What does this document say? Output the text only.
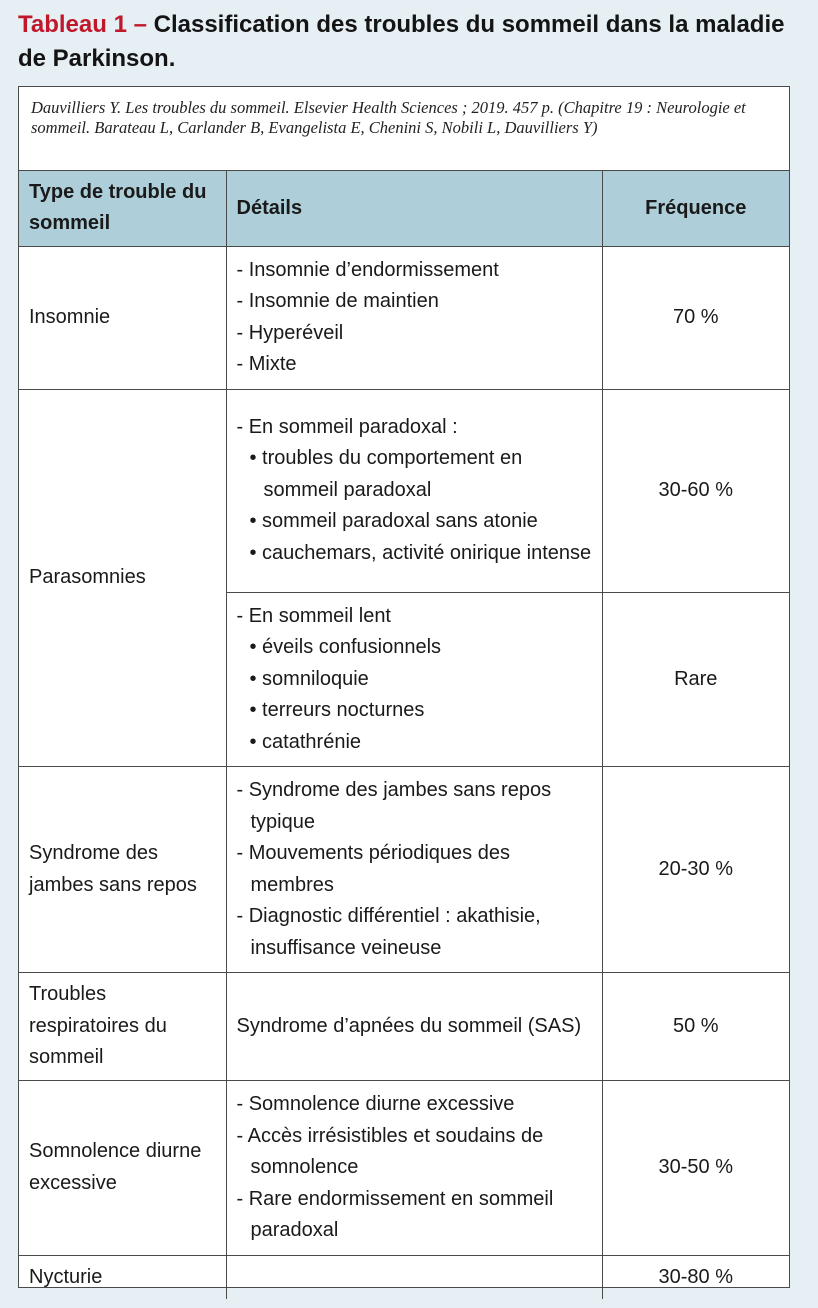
Tableau 1 – Classification des troubles du sommeil dans la maladie de Parkinson.
Dauvilliers Y. Les troubles du sommeil. Elsevier Health Sciences ; 2019. 457 p. (Chapitre 19 : Neurologie et sommeil. Barateau L, Carlander B, Evangelista E, Chenini S, Nobili L, Dauvilliers Y)
Type de trouble du sommeil	Détails	Fréquence
Insomnie	- Insomnie d’endormissement
- Insomnie de maintien
- Hyperéveil
- Mixte	70 %
Parasomnies	- En sommeil paradoxal :
• troubles du comportement en sommeil paradoxal
• sommeil paradoxal sans atonie
• cauchemars, activité onirique intense	30-60 %

	- En sommeil lent
• éveils confusionnels
• somniloquie
• terreurs nocturnes
• catathrénie	Rare
Syndrome des jambes sans repos	- Syndrome des jambes sans repos typique
- Mouvements périodiques des membres
- Diagnostic différentiel : akathisie, insuffisance veineuse	20-30 %
Troubles respiratoires du sommeil	Syndrome d’apnées du sommeil (SAS)	50 %
Somnolence diurne excessive	- Somnolence diurne excessive
- Accès irrésistibles et soudains de somnolence
- Rare endormissement en sommeil paradoxal	30-50 %
Nycturie		30-80 %
